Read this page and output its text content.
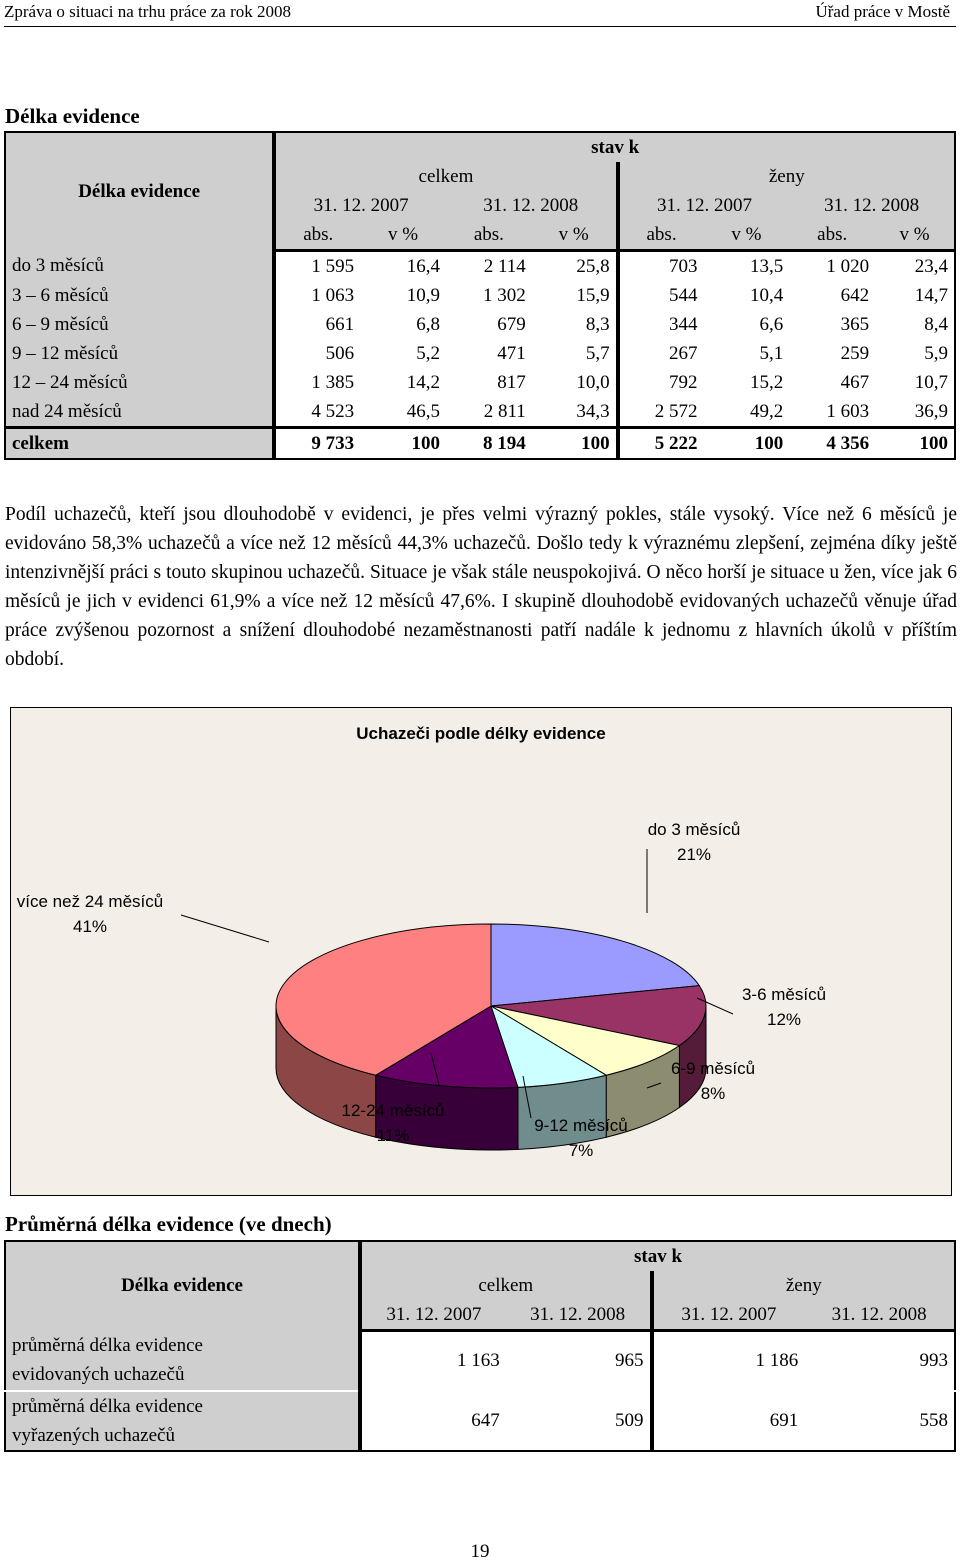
Zpráva o situaci na trhu práce za rok 2008	Úřad práce v Mostě
Délka evidence
Délka evidence	stav k							
	celkem				ženy			
	31. 12. 2007		31. 12. 2008		31. 12. 2007		31. 12. 2008	
	abs.	v %	abs.	v %	abs.	v %	abs.	v %
do 3 měsíců	1 595	16,4	2 114	25,8	703	13,5	1 020	23,4
3 – 6 měsíců	1 063	10,9	1 302	15,9	544	10,4	642	14,7
6 – 9 měsíců	661	6,8	679	8,3	344	6,6	365	8,4
9 – 12 měsíců	506	5,2	471	5,7	267	5,1	259	5,9
12 – 24 měsíců	1 385	14,2	817	10,0	792	15,2	467	10,7
nad 24 měsíců	4 523	46,5	2 811	34,3	2 572	49,2	1 603	36,9
celkem	9 733	100	8 194	100	5 222	100	4 356	100
Podíl uchazečů, kteří jsou dlouhodobě v evidenci, je přes velmi výrazný pokles, stále vysoký. Více než 6 měsíců je evidováno 58,3% uchazečů a více než 12 měsíců 44,3% uchazečů. Došlo tedy k výraznému zlepšení, zejména díky ještě intenzivnější práci s touto skupinou uchazečů. Situace je však stále neuspokojivá. O něco horší je situace u žen, více jak 6 měsíců je jich v evidenci 61,9% a více než 12 měsíců 47,6%. I skupině dlouhodobě evidovaných uchazečů věnuje úřad práce zvýšenou pozornost a snížení dlouhodobé nezaměstnanosti patří nadále k jednomu z hlavních úkolů v příštím období.
Uchazeči podle délky evidence
do 3 měsíců
21%
3-6 měsíců
12%
6-9 měsíců
8%
9-12 měsíců
7%
12-24 měsíců
11%
více než 24 měsíců
41%
Průměrná délka evidence (ve dnech)
Délka evidence	stav k			
	celkem		ženy	
	31. 12. 2007	31. 12. 2008	31. 12. 2007	31. 12. 2008
průměrná délka evidence
evidovaných uchazečů	1 163	965	1 186	993
průměrná délka evidence
vyřazených uchazečů	647	509	691	558
19
